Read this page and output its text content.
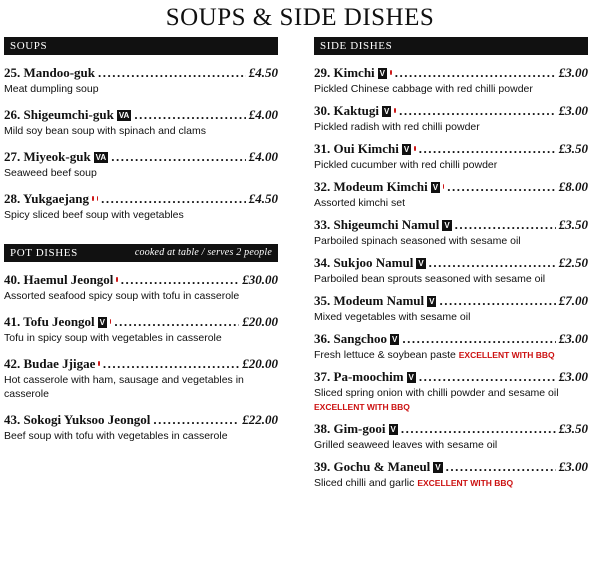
SOUPS & SIDE DISHES
SOUPS
25. Mandoo-guk .....	£4.50
Meat dumpling soup
26. Shigeumchi-guk VA .....	£4.00
Mild soy bean soup with spinach and clams
27. Miyeok-guk VA .....	£4.00
Seaweed beef soup
28. Yukgaejang .....	£4.50
Spicy sliced beef soup with vegetables
POT DISHES	cooked at table / serves 2 people
40. Haemul Jeongol .....	£30.00
Assorted seafood spicy soup with tofu in casserole
41. Tofu Jeongol V .....	£20.00
Tofu in spicy soup with vegetables in casserole
42. Budae Jjigae .....	£20.00
Hot casserole with ham, sausage and vegetables in casserole
43. Sokogi Yuksoo Jeongol .....	£22.00
Beef soup with tofu with vegetables in casserole
SIDE DISHES
29. Kimchi V .....	£3.00
Pickled Chinese cabbage with red chilli powder
30. Kaktugi V .....	£3.00
Pickled radish with red chilli powder
31. Oui Kimchi V .....	£3.50
Pickled cucumber with red chilli powder
32. Modeum Kimchi V .....	£8.00
Assorted kimchi set
33. Shigeumchi Namul V .....	£3.50
Parboiled spinach seasoned with sesame oil
34. Sukjoo Namul V .....	£2.50
Parboiled bean sprouts seasoned with sesame oil
35. Modeum Namul V .....	£7.00
Mixed vegetables with sesame oil
36. Sangchoo V .....	£3.00
Fresh lettuce & soybean paste EXCELLENT WITH BBQ
37. Pa-moochim V .....	£3.00
Sliced spring onion with chilli powder and sesame oil EXCELLENT WITH BBQ
38. Gim-gooi V .....	£3.50
Grilled seaweed leaves with sesame oil
39. Gochu & Maneul V .....	£3.00
Sliced chilli and garlic EXCELLENT WITH BBQ
